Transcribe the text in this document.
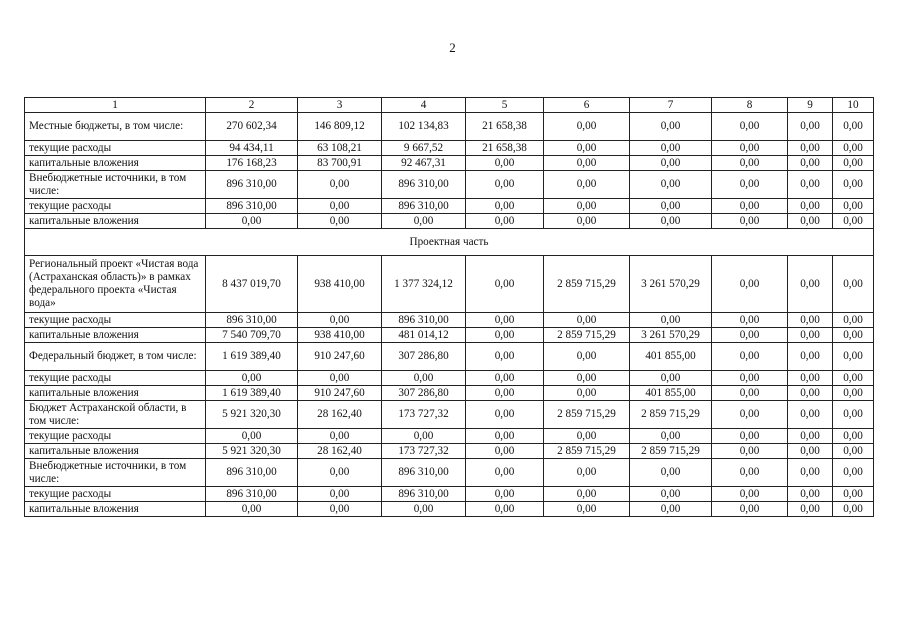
2
1	2	3	4	5	6	7	8	9	10
Местные бюджеты, в том числе:	270 602,34	146 809,12	102 134,83	21 658,38	0,00	0,00	0,00	0,00	0,00
текущие расходы	94 434,11	63 108,21	9 667,52	21 658,38	0,00	0,00	0,00	0,00	0,00
капитальные вложения	176 168,23	83 700,91	92 467,31	0,00	0,00	0,00	0,00	0,00	0,00
Внебюджетные источники, в том числе:	896 310,00	0,00	896 310,00	0,00	0,00	0,00	0,00	0,00	0,00
текущие расходы	896 310,00	0,00	896 310,00	0,00	0,00	0,00	0,00	0,00	0,00
капитальные вложения	0,00	0,00	0,00	0,00	0,00	0,00	0,00	0,00	0,00
Проектная часть									
Региональный проект «Чистая вода (Астраханская область)» в рамках федерального проекта «Чистая вода»	8 437 019,70	938 410,00	1 377 324,12	0,00	2 859 715,29	3 261 570,29	0,00	0,00	0,00
текущие расходы	896 310,00	0,00	896 310,00	0,00	0,00	0,00	0,00	0,00	0,00
капитальные вложения	7 540 709,70	938 410,00	481 014,12	0,00	2 859 715,29	3 261 570,29	0,00	0,00	0,00
Федеральный бюджет, в том числе:	1 619 389,40	910 247,60	307 286,80	0,00	0,00	401 855,00	0,00	0,00	0,00
текущие расходы	0,00	0,00	0,00	0,00	0,00	0,00	0,00	0,00	0,00
капитальные вложения	1 619 389,40	910 247,60	307 286,80	0,00	0,00	401 855,00	0,00	0,00	0,00
Бюджет Астраханской области, в том числе:	5 921 320,30	28 162,40	173 727,32	0,00	2 859 715,29	2 859 715,29	0,00	0,00	0,00
текущие расходы	0,00	0,00	0,00	0,00	0,00	0,00	0,00	0,00	0,00
капитальные вложения	5 921 320,30	28 162,40	173 727,32	0,00	2 859 715,29	2 859 715,29	0,00	0,00	0,00
Внебюджетные источники, в том числе:	896 310,00	0,00	896 310,00	0,00	0,00	0,00	0,00	0,00	0,00
текущие расходы	896 310,00	0,00	896 310,00	0,00	0,00	0,00	0,00	0,00	0,00
капитальные вложения	0,00	0,00	0,00	0,00	0,00	0,00	0,00	0,00	0,00
